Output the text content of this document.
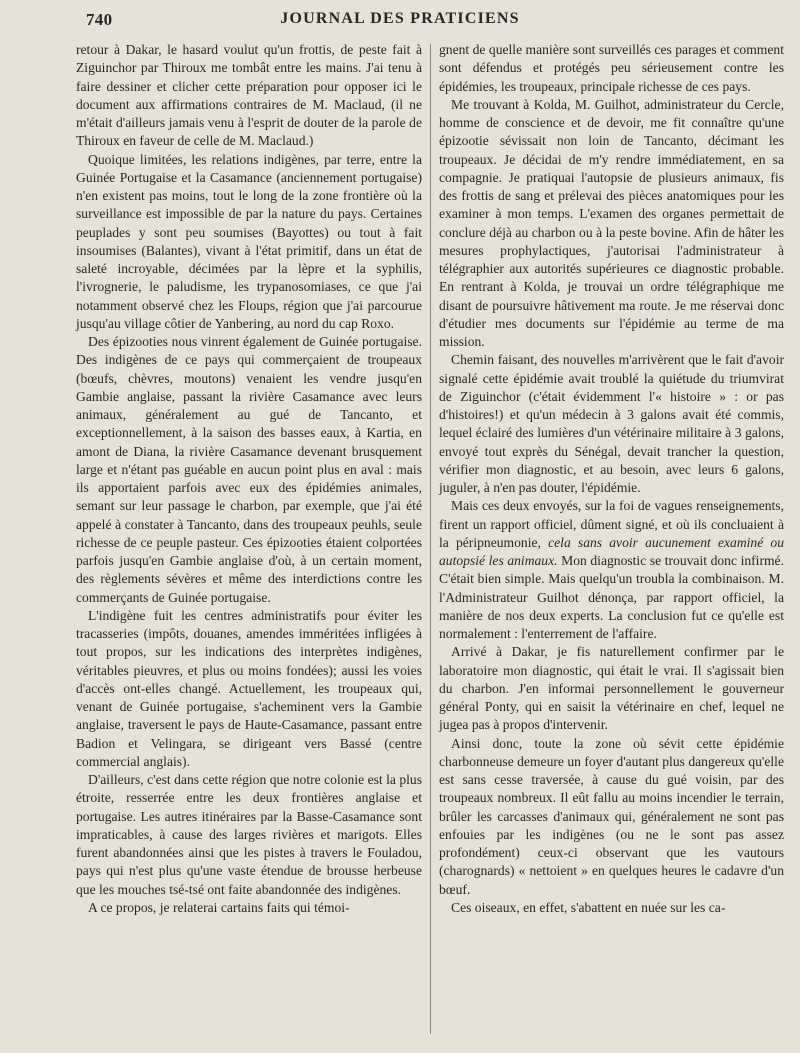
740	JOURNAL DES PRATICIENS

retour à Dakar, le hasard voulut qu'un frottis, de peste fait à Ziguinchor par Thiroux me tombât entre les mains. J'ai tenu à faire dessiner et clicher cette préparation pour opposer ici le document aux affirmations contraires de M. Maclaud, (il ne m'était d'ailleurs jamais venu à l'esprit de douter de la parole de Thiroux en faveur de celle de M. Maclaud.)

Quoique limitées, les relations indigènes, par terre, entre la Guinée Portugaise et la Casamance (anciennement portugaise) n'en existent pas moins, tout le long de la zone frontière où la surveillance est impossible de par la nature du pays. Certaines peuplades y sont peu soumises (Bayottes) ou tout à fait insoumises (Balantes), vivant à l'état primitif, dans un état de saleté incroyable, décimées par la lèpre et la syphilis, l'ivrognerie, le paludisme, les trypanosomiases, ce que j'ai notamment observé chez les Floups, région que j'ai parcourue jusqu'au village côtier de Yanbering, au nord du cap Roxo.

Des épizooties nous vinrent également de Guinée portugaise. Des indigènes de ce pays qui commerçaient de troupeaux (bœufs, chèvres, moutons) venaient les vendre jusqu'en Gambie anglaise, passant la rivière Casamance avec leurs animaux, généralement au gué de Tancanto, et exceptionnellement, à la saison des basses eaux, à Kartia, en amont de Diana, la rivière Casamance devenant brusquement large et n'étant pas guéable en aucun point plus en aval : mais ils apportaient parfois avec eux des épidémies animales, semant sur leur passage le charbon, par exemple, que j'ai été appelé à constater à Tancanto, dans des troupeaux peuhls, seule richesse de ce peuple pasteur. Ces épizooties étaient colportées parfois jusqu'en Gambie anglaise d'où, à un certain moment, des règlements sévères et même des interdictions contre les commerçants de Guinée portugaise.

L'indigène fuit les centres administratifs pour éviter les tracasseries (impôts, douanes, amendes imméritées infligées à tout propos, sur les indications des interprètes indigènes, véritables pieuvres, et plus ou moins fondées); aussi les voies d'accès ont-elles changé. Actuellement, les troupeaux qui, venant de Guinée portugaise, s'acheminent vers la Gambie anglaise, traversent le pays de Haute-Casamance, passant entre Badion et Velingara, se dirigeant vers Bassé (centre commercial anglais).

D'ailleurs, c'est dans cette région que notre colonie est la plus étroite, resserrée entre les deux frontières anglaise et portugaise. Les autres itinéraires par la Basse-Casamance sont impraticables, à cause des larges rivières et marigots. Elles furent abandonnées ainsi que les pistes à travers le Fouladou, pays qui n'est plus qu'une vaste étendue de brousse herbeuse que les mouches tsé-tsé ont faite abandonnée des indigènes.

A ce propos, je relaterai cartains faits qui témoi-

gnent de quelle manière sont surveillés ces parages et comment sont défendus et protégés peu sérieusement contre les épidémies, les troupeaux, principale richesse de ces pays.

Me trouvant à Kolda, M. Guilhot, administrateur du Cercle, homme de conscience et de devoir, me fit connaître qu'une épizootie sévissait non loin de Tancanto, décimant les troupeaux. Je décidai de m'y rendre immédiatement, en sa compagnie. Je pratiquai l'autopsie de plusieurs animaux, fis des frottis de sang et prélevai des pièces anatomiques pour les examiner à mon temps. L'examen des organes permettait de conclure déjà au charbon ou à la peste bovine. Afin de hâter les mesures prophylactiques, j'autorisai l'administrateur à télégraphier aux autorités supérieures ce diagnostic probable. En rentrant à Kolda, je trouvai un ordre télégraphique me disant de poursuivre hâtivement ma route. Je me réservai donc d'étudier mes documents sur l'épidémie au terme de ma mission.

Chemin faisant, des nouvelles m'arrivèrent que le fait d'avoir signalé cette épidémie avait troublé la quiétude du triumvirat de Ziguinchor (c'était évidemment l'« histoire » : or pas d'histoires!) et qu'un médecin à 3 galons avait été commis, lequel éclairé des lumières d'un vétérinaire militaire à 3 galons, envoyé tout exprès du Sénégal, devait trancher la question, vérifier mon diagnostic, et au besoin, avec leurs 6 galons, juguler, à n'en pas douter, l'épidémie.

Mais ces deux envoyés, sur la foi de vagues renseignements, firent un rapport officiel, dûment signé, et où ils concluaient à la péripneumonie, cela sans avoir aucunement examiné ou autopsié les animaux. Mon diagnostic se trouvait donc infirmé. C'était bien simple. Mais quelqu'un troubla la combinaison. M. l'Administrateur Guilhot dénonça, par rapport officiel, la manière de nos deux experts. La conclusion fut ce qu'elle est normalement : l'enterrement de l'affaire.

Arrivé à Dakar, je fis naturellement confirmer par le laboratoire mon diagnostic, qui était le vrai. Il s'agissait bien du charbon. J'en informai personnellement le gouverneur général Ponty, qui en saisit la vétérinaire en chef, lequel ne jugea pas à propos d'intervenir.

Ainsi donc, toute la zone où sévit cette épidémie charbonneuse demeure un foyer d'autant plus dangereux qu'elle est sans cesse traversée, à cause du gué voisin, par des troupeaux nombreux. Il eût fallu au moins incendier le terrain, brûler les carcasses d'animaux qui, généralement ne sont pas enfouies par les indigènes (ou ne le sont pas assez profondément) ceux-ci observant que les vautours (charognards) « nettoient » en quelques heures le cadavre d'un bœuf.

Ces oiseaux, en effet, s'abattent en nuée sur les ca-
